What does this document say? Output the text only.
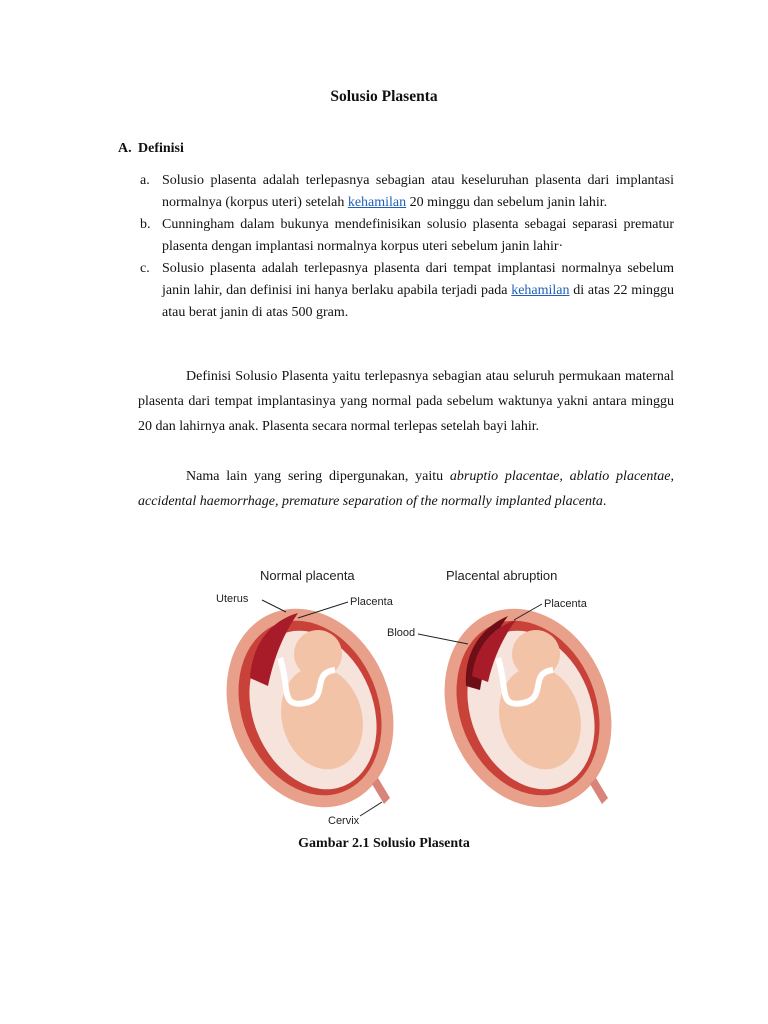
Solusio Plasenta
A. Definisi
a. Solusio plasenta adalah terlepasnya sebagian atau keseluruhan plasenta dari implantasi normalnya (korpus uteri) setelah kehamilan 20 minggu dan sebelum janin lahir.
b. Cunningham dalam bukunya mendefinisikan solusio plasenta sebagai separasi prematur plasenta dengan implantasi normalnya korpus uteri sebelum janin lahir·
c. Solusio plasenta adalah terlepasnya plasenta dari tempat implantasi normalnya sebelum janin lahir, dan definisi ini hanya berlaku apabila terjadi pada kehamilan di atas 22 minggu atau berat janin di atas 500 gram.
Definisi Solusio Plasenta yaitu terlepasnya sebagian atau seluruh permukaan maternal plasenta dari tempat implantasinya yang normal pada sebelum waktunya yakni antara minggu 20 dan lahirnya anak. Plasenta secara normal terlepas setelah bayi lahir.
Nama lain yang sering dipergunakan, yaitu abruptio placentae, ablatio placentae, accidental haemorrhage, premature separation of the normally implanted placenta.
Normal placenta
Uterus	Placenta
Placental abruption
Placenta
Blood
Cervix
Gambar 2.1 Solusio Plasenta
